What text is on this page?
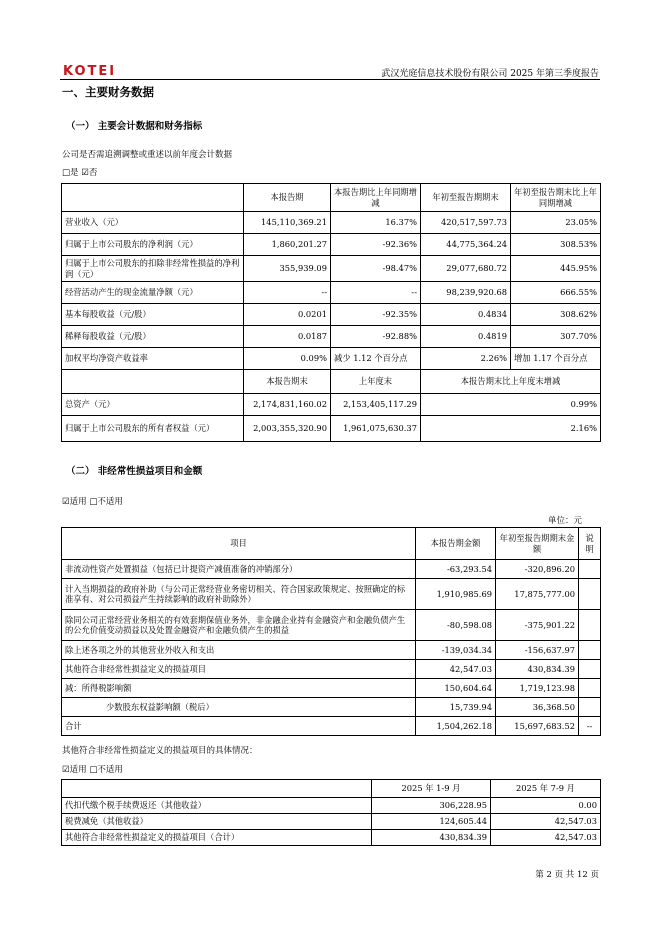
KOTEI	武汉光庭信息技术股份有限公司 2025 年第三季度报告
一、主要财务数据
（一） 主要会计数据和财务指标
公司是否需追溯调整或重述以前年度会计数据
□是 ☑否
	本报告期	本报告期比上年同期增减	年初至报告期期末	年初至报告期末比上年同期增减
营业收入（元）	145,110,369.21	16.37%	420,517,597.73	23.05%
归属于上市公司股东的净利润（元）	1,860,201.27	-92.36%	44,775,364.24	308.53%
归属于上市公司股东的扣除非经常性损益的净利润（元）	355,939.09	-98.47%	29,077,680.72	445.95%
经营活动产生的现金流量净额（元）	--	--	98,239,920.68	666.55%
基本每股收益（元/股）	0.0201	-92.35%	0.4834	308.62%
稀释每股收益（元/股）	0.0187	-92.88%	0.4819	307.70%
加权平均净资产收益率	0.09%	减少 1.12 个百分点	2.26%	增加 1.17 个百分点
	本报告期末	上年度末	本报告期末比上年度末增减	
总资产（元）	2,174,831,160.02	2,153,405,117.29	0.99%	
归属于上市公司股东的所有者权益（元）	2,003,355,320.90	1,961,075,630.37	2.16%	
（二） 非经常性损益项目和金额
☑适用 □不适用
单位：元
项目	本报告期金额	年初至报告期期末金额	说明
非流动性资产处置损益（包括已计提资产减值准备的冲销部分）	-63,293.54	-320,896.20	
计入当期损益的政府补助（与公司正常经营业务密切相关、符合国家政策规定、按照确定的标准享有、对公司损益产生持续影响的政府补助除外）	1,910,985.69	17,875,777.00	
除同公司正常经营业务相关的有效套期保值业务外，非金融企业持有金融资产和金融负债产生的公允价值变动损益以及处置金融资产和金融负债产生的损益	-80,598.08	-375,901.22	
除上述各项之外的其他营业外收入和支出	-139,034.34	-156,637.97	
其他符合非经常性损益定义的损益项目	42,547.03	430,834.39	
减：所得税影响额	150,604.64	1,719,123.98	
少数股东权益影响额（税后）	15,739.94	36,368.50	
合计	1,504,262.18	15,697,683.52	--
其他符合非经常性损益定义的损益项目的具体情况：
☑适用 □不适用
	2025 年 1-9 月	2025 年 7-9 月
代扣代缴个税手续费返还（其他收益）	306,228.95	0.00
税费减免（其他收益）	124,605.44	42,547.03
其他符合非经常性损益定义的损益项目（合计）	430,834.39	42,547.03
第 2 页 共 12 页
